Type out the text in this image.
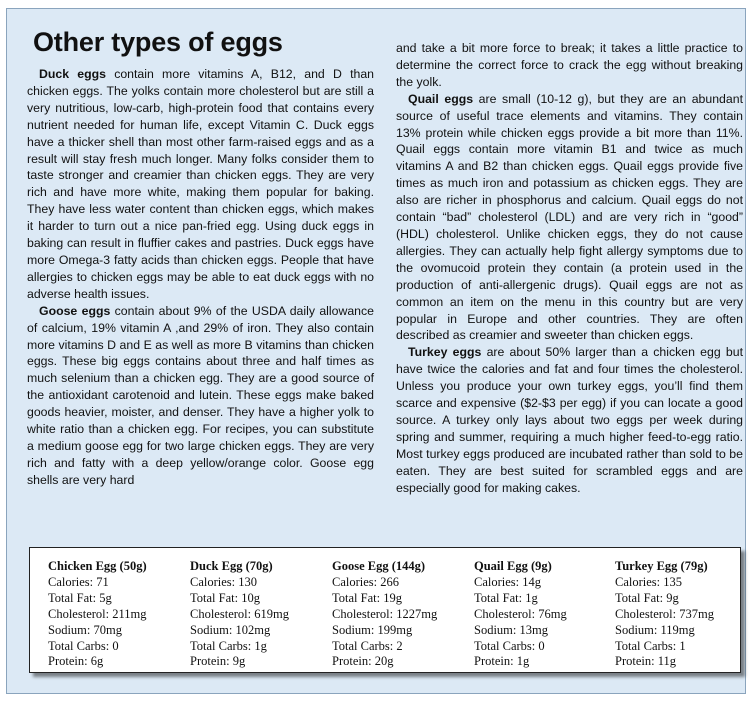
Other types of eggs

Duck eggs contain more vitamins A, B12, and D than chicken eggs. The yolks contain more cholesterol but are still a very nutritious, low-carb, high-protein food that contains every nutrient needed for human life, except Vitamin C. Duck eggs have a thicker shell than most other farm-raised eggs and as a result will stay fresh much longer. Many folks consider them to taste stronger and creamier than chicken eggs. They are very rich and have more white, making them popular for baking. They have less water content than chicken eggs, which makes it harder to turn out a nice pan-fried egg. Using duck eggs in baking can result in fluffier cakes and pastries. Duck eggs have more Omega-3 fatty acids than chicken eggs. People that have allergies to chicken eggs may be able to eat duck eggs with no adverse health issues.

Goose eggs contain about 9% of the USDA daily allowance of calcium, 19% vitamin A ,and 29% of iron. They also contain more vitamins D and E as well as more B vitamins than chicken eggs. These big eggs contains about three and half times as much selenium than a chicken egg. They are a good source of the antioxidant carotenoid and lutein. These eggs make baked goods heavier, moister, and denser. They have a higher yolk to white ratio than a chicken egg. For recipes, you can substitute a medium goose egg for two large chicken eggs. They are very rich and fatty with a deep yellow/orange color. Goose egg shells are very hard

and take a bit more force to break; it takes a little practice to determine the correct force to crack the egg without breaking the yolk.

Quail eggs are small (10-12 g), but they are an abundant source of useful trace elements and vitamins. They contain 13% protein while chicken eggs provide a bit more than 11%. Quail eggs contain more vitamin B1 and twice as much vitamins A and B2 than chicken eggs. Quail eggs provide five times as much iron and potassium as chicken eggs. They are also are richer in phosphorus and calcium. Quail eggs do not contain “bad” cholesterol (LDL) and are very rich in “good” (HDL) cholesterol. Unlike chicken eggs, they do not cause allergies. They can actually help fight allergy symptoms due to the ovomucoid protein they contain (a protein used in the production of anti-allergenic drugs). Quail eggs are not as common an item on the menu in this country but are very popular in Europe and other countries. They are often described as creamier and sweeter than chicken eggs.

Turkey eggs are about 50% larger than a chicken egg but have twice the calories and fat and four times the cholesterol. Unless you produce your own turkey eggs, you’ll find them scarce and expensive ($2-$3 per egg) if you can locate a good source. A turkey only lays about two eggs per week during spring and summer, requiring a much higher feed-to-egg ratio. Most turkey eggs produced are incubated rather than sold to be eaten. They are best suited for scrambled eggs and are especially good for making cakes.

Chicken Egg (50g)
Calories: 71
Total Fat: 5g
Cholesterol: 211mg
Sodium: 70mg
Total Carbs: 0
Protein: 6g
Duck Egg (70g)
Calories: 130
Total Fat: 10g
Cholesterol: 619mg
Sodium: 102mg
Total Carbs: 1g
Protein: 9g
Goose Egg (144g)
Calories: 266
Total Fat: 19g
Cholesterol: 1227mg
Sodium: 199mg
Total Carbs: 2
Protein: 20g
Quail Egg (9g)
Calories: 14g
Total Fat: 1g
Cholesterol: 76mg
Sodium: 13mg
Total Carbs: 0
Protein: 1g
Turkey Egg (79g)
Calories: 135
Total Fat: 9g
Cholesterol: 737mg
Sodium: 119mg
Total Carbs: 1
Protein: 11g
